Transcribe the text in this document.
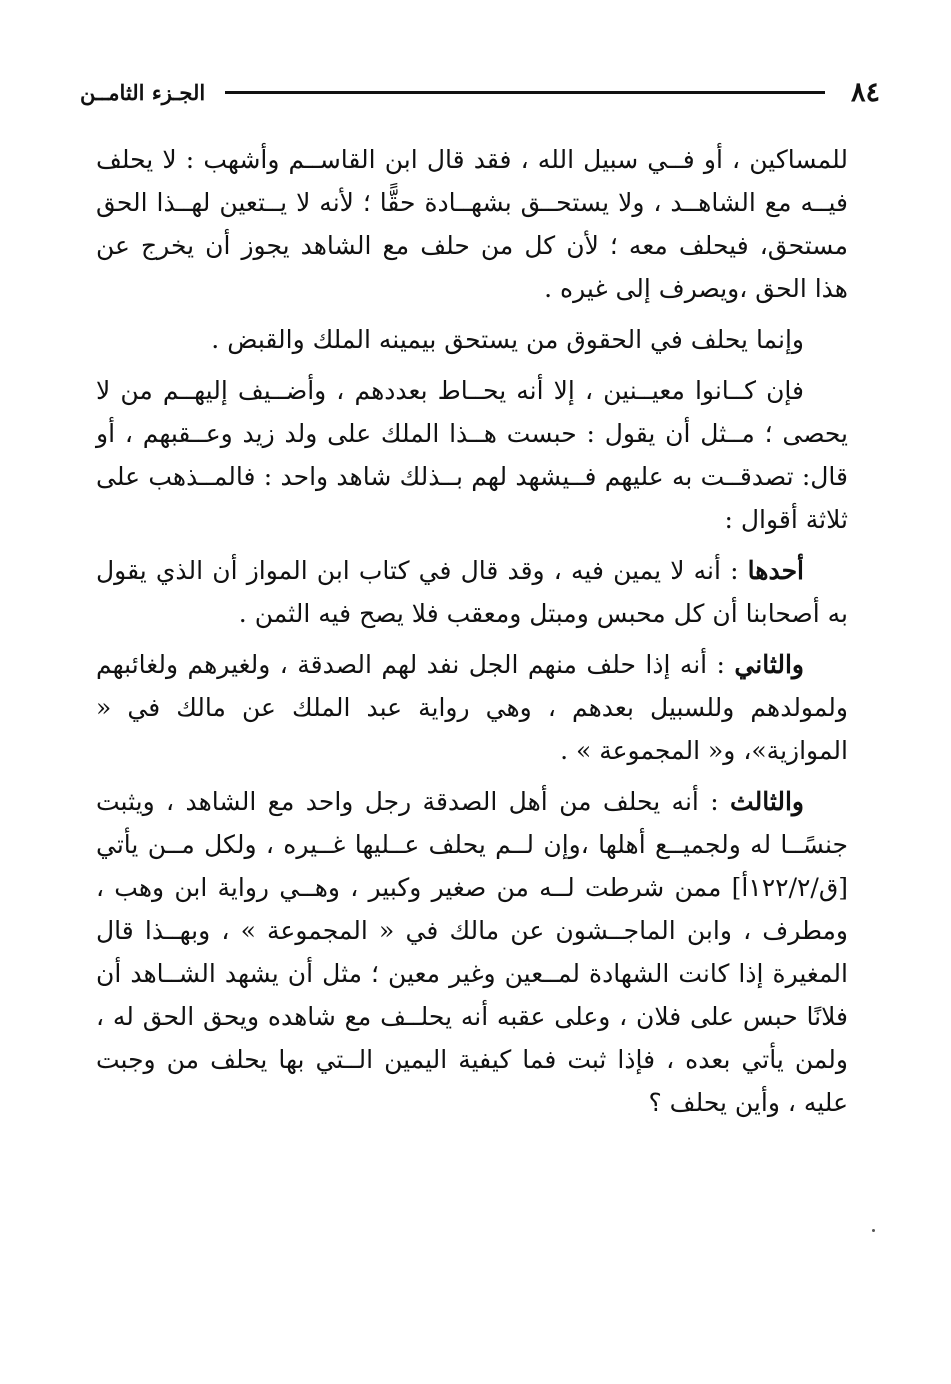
٨٤
الجـزء الثامــن

للمساكين ، أو فــي سبيل الله ، فقد قال ابن القاســم وأشهب : لا يحلف فيــه مع الشاهــد ، ولا يستحــق بشهــادة حقًّا ؛ لأنه لا يــتعين لهــذا الحق مستحق، فيحلف معه ؛ لأن كل من حلف مع الشاهد يجوز أن يخرج عن هذا الحق ،ويصرف إلى غيره .

وإنما يحلف في الحقوق من يستحق بيمينه الملك والقبض .

فإن كــانوا معيــنين ، إلا أنه يحــاط بعددهم ، وأضــيف إليهــم من لا يحصى ؛ مــثل أن يقول : حبست هــذا الملك على ولد زيد وعــقبهم ، أو قال: تصدقــت به عليهم فــيشهد لهم بــذلك شاهد واحد : فالمــذهب على ثلاثة أقوال :

أحدها : أنه لا يمين فيه ، وقد قال في كتاب ابن المواز أن الذي يقول به أصحابنا أن كل محبس ومبتل ومعقب فلا يصح فيه الثمن .

والثاني : أنه إذا حلف منهم الجل نفد لهم الصدقة ، ولغيرهم ولغائبهم ولمولدهم وللسبيل بعدهم ، وهي رواية عبد الملك عن مالك في « الموازية»، و« المجموعة » .

والثالث : أنه يحلف من أهل الصدقة رجل واحد مع الشاهد ، ويثبت جنسًــا له ولجميــع أهلها ،وإن لــم يحلف عــليها غــيره ، ولكل مــن يأتي [ق/١٢٢/٢أ] ممن شرطت لــه من صغير وكبير ، وهــي رواية ابن وهب ، ومطرف ، وابن الماجــشون عن مالك في « المجموعة » ، وبهــذا قال المغيرة إذا كانت الشهادة لمــعين وغير معين ؛ مثل أن يشهد الشــاهد أن فلانًا حبس على فلان ، وعلى عقبه أنه يحلــف مع شاهده ويحق الحق له ، ولمن يأتي بعده ، فإذا ثبت فما كيفية اليمين الــتي بها يحلف من وجبت عليه ، وأين يحلف ؟
